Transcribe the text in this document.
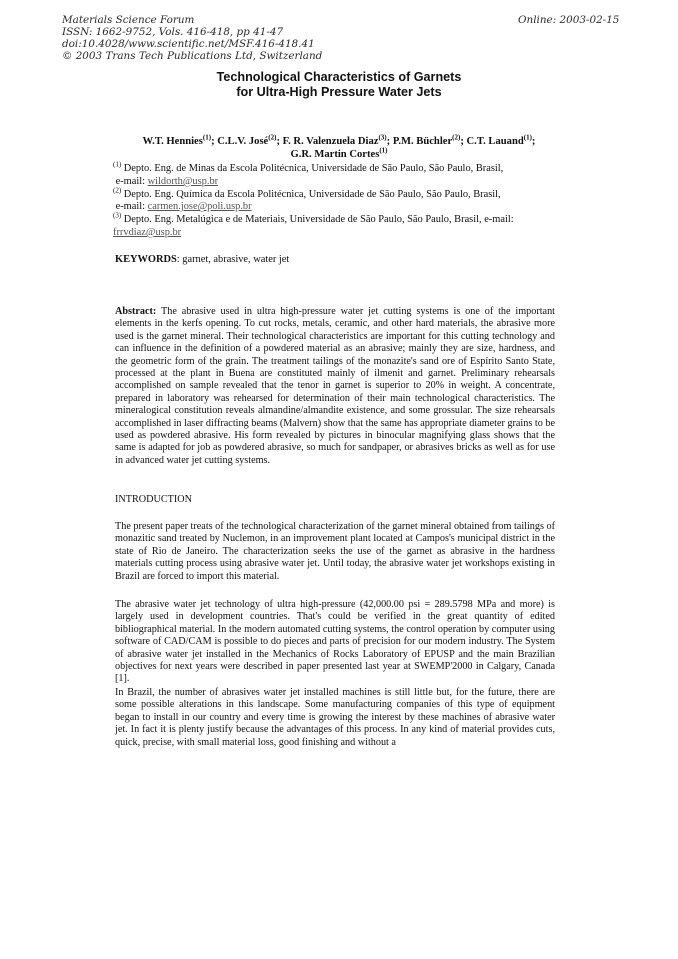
Materials Science Forum
ISSN: 1662-9752, Vols. 416-418, pp 41-47
doi:10.4028/www.scientific.net/MSF.416-418.41
© 2003 Trans Tech Publications Ltd, Switzerland
Online: 2003-02-15
Technological Characteristics of Garnets
for Ultra-High Pressure Water Jets
W.T. Hennies$^{(1)}$; C.L.V. José$^{(2)}$; F. R. Valenzuela Diaz$^{(3)}$; P.M. Büchler$^{(2)}$; C.T. Lauand$^{(1)}$;
G.R. Martin Cortes$^{(1)}$
$^{(1)}$ Depto. Eng. de Minas da Escola Politécnica, Universidade de São Paulo, São Paulo, Brasil,
e-mail: wildorth@usp.br
$^{(2)}$ Depto. Eng. Química da Escola Politécnica, Universidade de São Paulo, São Paulo, Brasil,
e-mail: carmen.jose@poli.usp.br
$^{(3)}$ Depto. Eng. Metalúgica e de Materiais, Universidade de São Paulo, São Paulo, Brasil, e-mail:
frrvdiaz@usp.br
KEYWORDS: garnet, abrasive, water jet

Abstract: The abrasive used in ultra high-pressure water jet cutting systems is one of the important elements in the kerfs opening. To cut rocks, metals, ceramic, and other hard materials, the abrasive more used is the garnet mineral. Their technological characteristics are important for this cutting technology and can influence in the definition of a powdered material as an abrasive; mainly they are size, hardness, and the geometric form of the grain. The treatment tailings of the monazite's sand ore of Espírito Santo State, processed at the plant in Buena are constituted mainly of ilmenit and garnet. Preliminary rehearsals accomplished on sample revealed that the tenor in garnet is superior to 20% in weight. A concentrate, prepared in laboratory was rehearsed for determination of their main technological characteristics. The mineralogical constitution reveals almandine/almandite existence, and some grossular. The size rehearsals accomplished in laser diffracting beams (Malvern) show that the same has appropriate diameter grains to be used as powdered abrasive. His form revealed by pictures in binocular magnifying glass shows that the same is adapted for job as powdered abrasive, so much for sandpaper, or abrasives bricks as well as for use in advanced water jet cutting systems.

INTRODUCTION

The present paper treats of the technological characterization of the garnet mineral obtained from tailings of monazitic sand treated by Nuclemon, in an improvement plant located at Campos's municipal district in the state of Rio de Janeiro. The characterization seeks the use of the garnet as abrasive in the hardness materials cutting process using abrasive water jet. Until today, the abrasive water jet workshops existing in Brazil are forced to import this material.

The abrasive water jet technology of ultra high-pressure (42,000.00 psi = 289.5798 MPa and more) is largely used in development countries. That's could be verified in the great quantity of edited bibliographical material. In the modern automated cutting systems, the control operation by computer using software of CAD/CAM is possible to do pieces and parts of precision for our modern industry. The System of abrasive water jet installed in the Mechanics of Rocks Laboratory of EPUSP and the main Brazilian objectives for next years were described in paper presented last year at SWEMP'2000 in Calgary, Canada [1].

In Brazil, the number of abrasives water jet installed machines is still little but, for the future, there are some possible alterations in this landscape. Some manufacturing companies of this type of equipment began to install in our country and every time is growing the interest by these machines of abrasive water jet. In fact it is plenty justify because the advantages of this process. In any kind of material provides cuts, quick, precise, with small material loss, good finishing and without a
